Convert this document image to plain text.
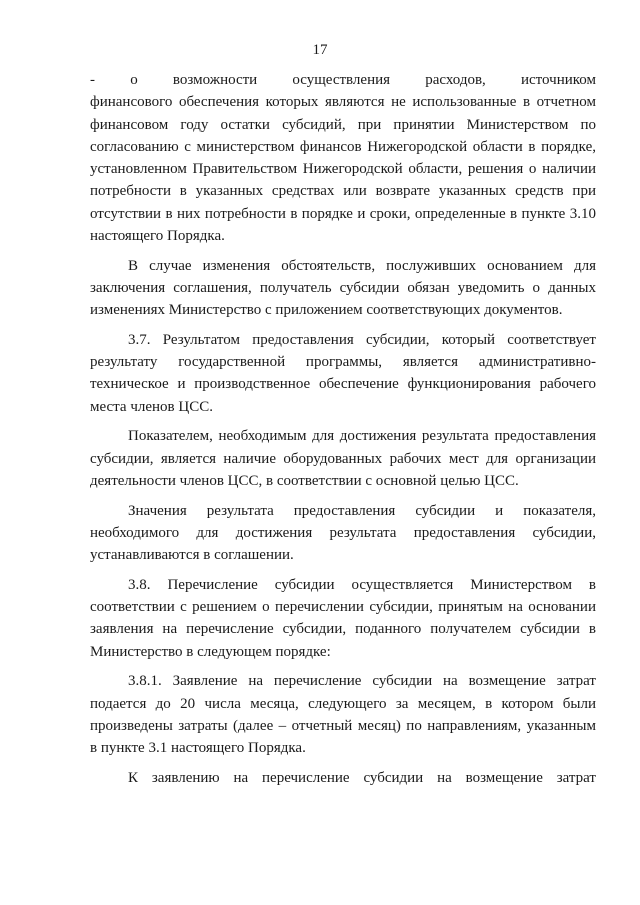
17
- о возможности осуществления расходов, источником
финансового обеспечения которых являются не использованные в отчетном
финансовом году остатки субсидий, при принятии Министерством по
согласованию с министерством финансов Нижегородской области в порядке,
установленном Правительством Нижегородской области, решения о наличии
потребности в указанных средствах или возврате указанных средств при
отсутствии в них потребности в порядке и сроки, определенные в пункте 3.10
настоящего Порядка.
В случае изменения обстоятельств, послуживших основанием для
заключения соглашения, получатель субсидии обязан уведомить о данных
изменениях Министерство с приложением соответствующих документов.
3.7. Результатом предоставления субсидии, который соответствует
результату государственной программы, является административно-
техническое и производственное обеспечение функционирования рабочего
места членов ЦСС.
Показателем, необходимым для достижения результата предоставления
субсидии, является наличие оборудованных рабочих мест для организации
деятельности членов ЦСС, в соответствии с основной целью ЦСС.
Значения результата предоставления субсидии и показателя,
необходимого для достижения результата предоставления субсидии,
устанавливаются в соглашении.
3.8. Перечисление субсидии осуществляется Министерством в
соответствии с решением о перечислении субсидии, принятым на основании
заявления на перечисление субсидии, поданного получателем субсидии в
Министерство в следующем порядке:
3.8.1. Заявление на перечисление субсидии на возмещение затрат
подается до 20 числа месяца, следующего за месяцем, в котором были
произведены затраты (далее – отчетный месяц) по направлениям, указанным
в пункте 3.1 настоящего Порядка.
К заявлению на перечисление субсидии на возмещение затрат
